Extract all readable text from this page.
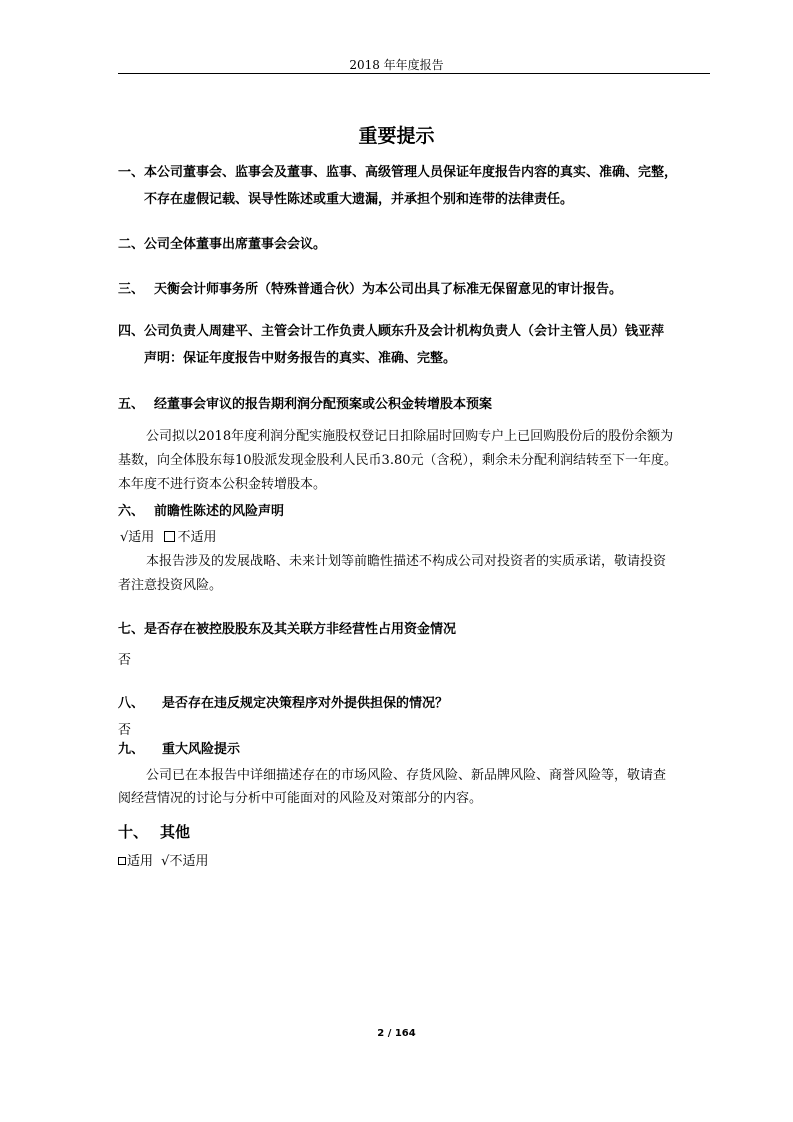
2018 年年度报告
重要提示
一、本公司董事会、监事会及董事、监事、高级管理人员保证年度报告内容的真实、准确、完整，
不存在虚假记载、误导性陈述或重大遗漏，并承担个别和连带的法律责任。
二、公司全体董事出席董事会会议。
三、 天衡会计师事务所（特殊普通合伙）为本公司出具了标准无保留意见的审计报告。
四、公司负责人周建平、主管会计工作负责人顾东升及会计机构负责人（会计主管人员）钱亚萍
声明：保证年度报告中财务报告的真实、准确、完整。
五、 经董事会审议的报告期利润分配预案或公积金转增股本预案
公司拟以2018年度利润分配实施股权登记日扣除届时回购专户上已回购股份后的股份余额为
基数，向全体股东每10股派发现金股利人民币3.80元（含税），剩余未分配利润结转至下一年度。
本年度不进行资本公积金转增股本。
六、 前瞻性陈述的风险声明
√适用 不适用
本报告涉及的发展战略、未来计划等前瞻性描述不构成公司对投资者的实质承诺，敬请投资
者注意投资风险。
七、是否存在被控股股东及其关联方非经营性占用资金情况
否
八、 是否存在违反规定决策程序对外提供担保的情况？
否
九、 重大风险提示
公司已在本报告中详细描述存在的市场风险、存货风险、新品牌风险、商誉风险等，敬请查
阅经营情况的讨论与分析中可能面对的风险及对策部分的内容。
十、 其他
适用 √不适用
2 / 164
